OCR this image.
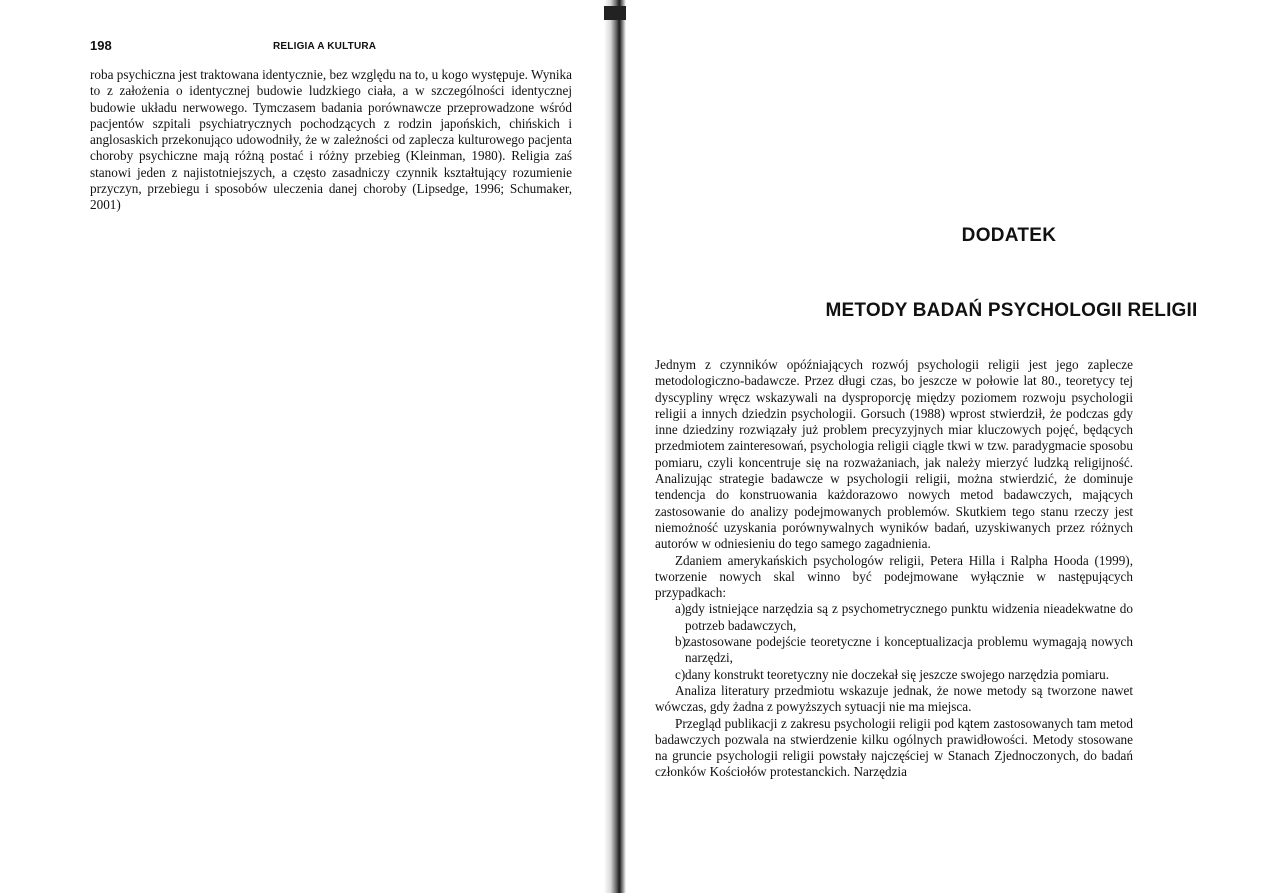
198	RELIGIA A KULTURA

roba psychiczna jest traktowana identycznie, bez względu na to, u kogo występuje. Wynika to z założenia o identycznej budowie ludzkiego ciała, a w szczególności identycznej budowie układu nerwowego. Tymczasem badania porównawcze przeprowadzone wśród pacjentów szpitali psychiatrycznych pochodzących z rodzin japońskich, chińskich i anglosaskich przekonująco udowodniły, że w zależności od zaplecza kulturowego pacjenta choroby psychiczne mają różną postać i różny przebieg (Kleinman, 1980). Religia zaś stanowi jeden z najistotniejszych, a często zasadniczy czynnik kształtujący rozumienie przyczyn, przebiegu i sposobów uleczenia danej choroby (Lipsedge, 1996; Schumaker, 2001)

DODATEK

METODY BADAŃ PSYCHOLOGII RELIGII

Jednym z czynników opóźniających rozwój psychologii religii jest jego zaplecze metodologiczno-badawcze. Przez długi czas, bo jeszcze w połowie lat 80., teoretycy tej dyscypliny wręcz wskazywali na dysproporcję między poziomem rozwoju psychologii religii a innych dziedzin psychologii. Gorsuch (1988) wprost stwierdził, że podczas gdy inne dziedziny rozwiązały już problem precyzyjnych miar kluczowych pojęć, będących przedmiotem zainteresowań, psychologia religii ciągle tkwi w tzw. paradygmacie sposobu pomiaru, czyli koncentruje się na rozważaniach, jak należy mierzyć ludzką religijność. Analizując strategie badawcze w psychologii religii, można stwierdzić, że dominuje tendencja do konstruowania każdorazowo nowych metod badawczych, mających zastosowanie do analizy podejmowanych problemów. Skutkiem tego stanu rzeczy jest niemożność uzyskania porównywalnych wyników badań, uzyskiwanych przez różnych autorów w odniesieniu do tego samego zagadnienia.

Zdaniem amerykańskich psychologów religii, Petera Hilla i Ralpha Hooda (1999), tworzenie nowych skal winno być podejmowane wyłącznie w następujących przypadkach:

a) gdy istniejące narzędzia są z psychometrycznego punktu widzenia nieadekwatne do potrzeb badawczych,
b) zastosowane podejście teoretyczne i konceptualizacja problemu wymagają nowych narzędzi,
c) dany konstrukt teoretyczny nie doczekał się jeszcze swojego narzędzia pomiaru.

Analiza literatury przedmiotu wskazuje jednak, że nowe metody są tworzone nawet wówczas, gdy żadna z powyższych sytuacji nie ma miejsca.

Przegląd publikacji z zakresu psychologii religii pod kątem zastosowanych tam metod badawczych pozwala na stwierdzenie kilku ogólnych prawidłowości. Metody stosowane na gruncie psychologii religii powstały najczęściej w Stanach Zjednoczonych, do badań członków Kościołów protestanckich. Narzędzia
